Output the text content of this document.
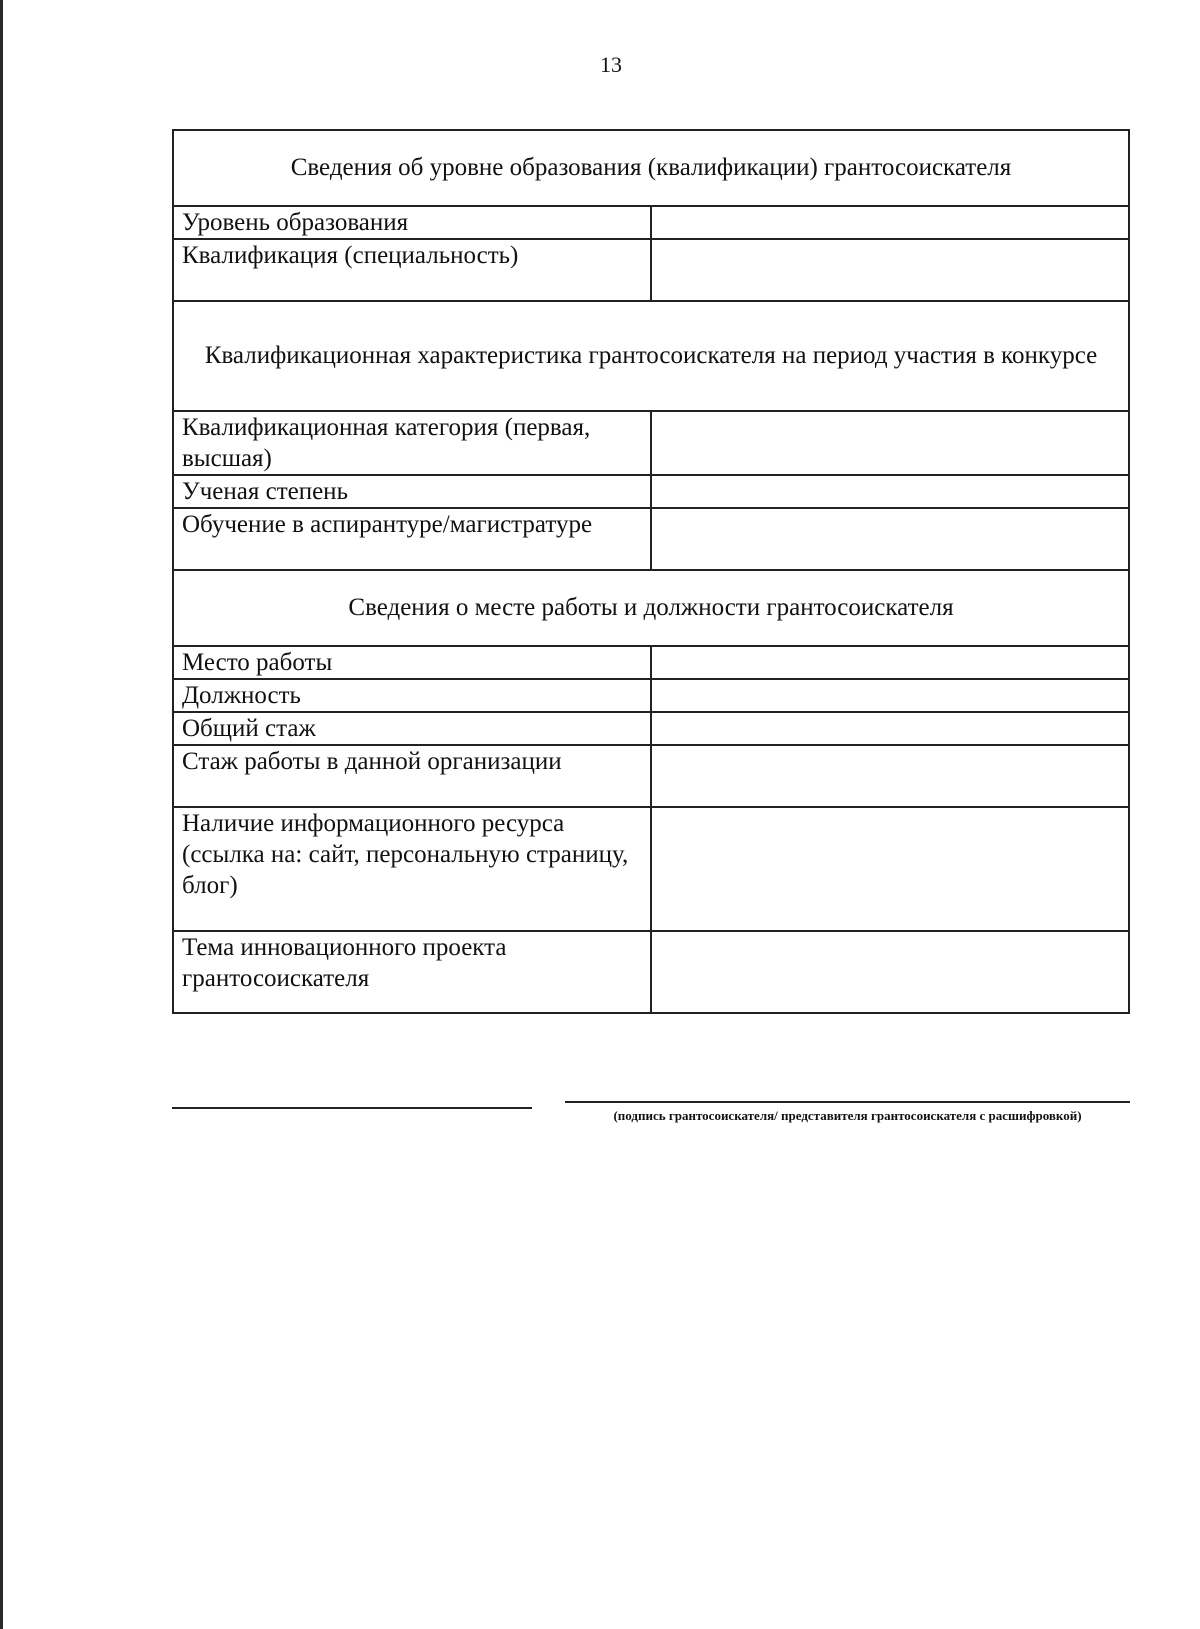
13
Сведения об уровне образования (квалификации) грантосоискателя	
Уровень образования	
Квалификация (специальность)	
Квалификационная характеристика грантосоискателя на период участия в конкурсе	
Квалификационная категория (первая, высшая)	
Ученая степень	
Обучение в аспирантуре/магистратуре	
Сведения о месте работы и должности грантосоискателя	
Место работы	
Должность	
Общий стаж	
Стаж работы в данной организации	
Наличие информационного ресурса (ссылка на: сайт, персональную страницу, блог)	
Тема инновационного проекта грантосоискателя	
(подпись грантосоискателя/ представителя грантосоискателя с расшифровкой)
